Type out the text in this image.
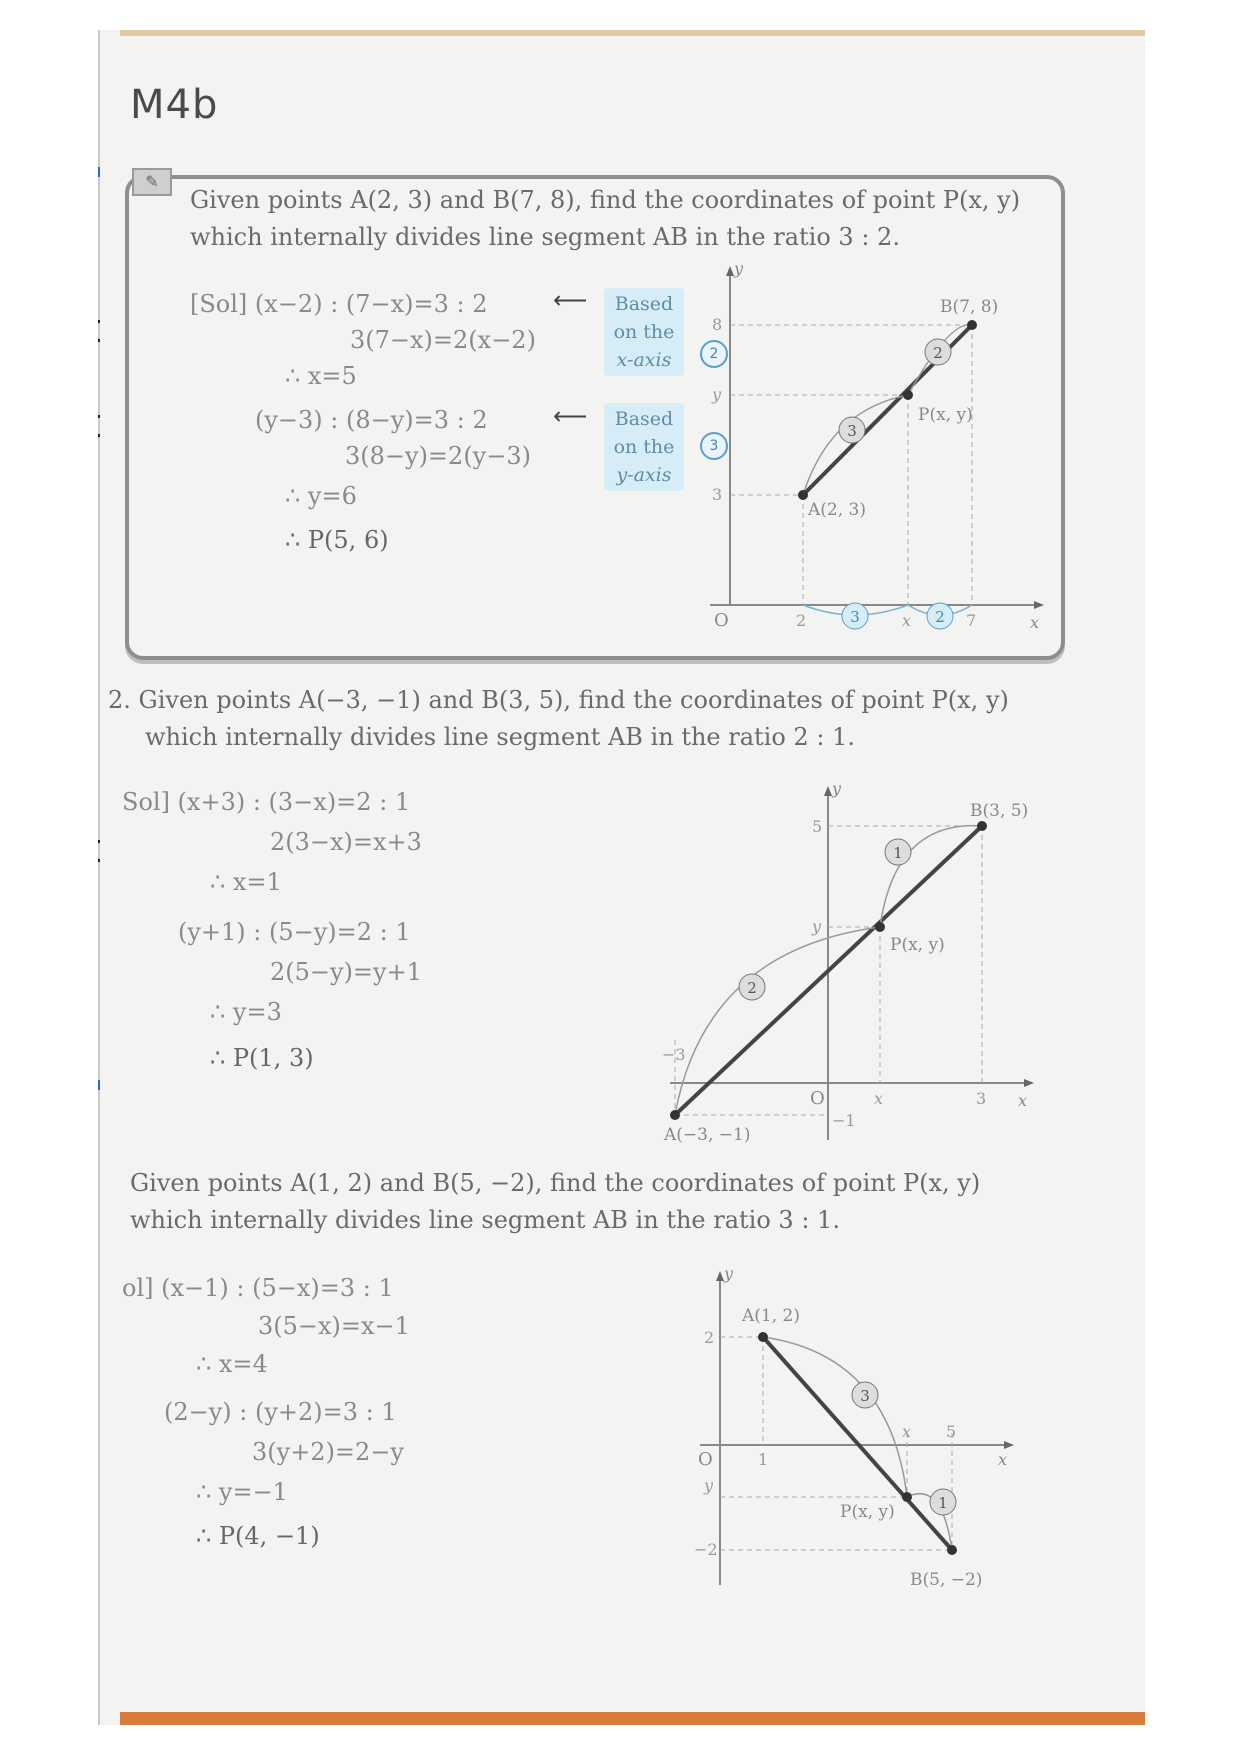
M4b
✎
Given points A(2, 3) and B(7, 8), find the coordinates of point P(x, y)
which internally divides line segment AB in the ratio 3 : 2.

[Sol] (x−2) : (7−x)=3 : 2

3(7−x)=2(x−2)

∴ x=5

(y−3) : (8−y)=3 : 2

3(8−y)=2(y−3)

∴ y=6

∴ P(5, 6)

⟵
⟵
Based
on the
x-axis
Based
on the
y-axis
2
3
3
2
3	2
y
x
O
8
y
3
2	x	7
A(2, 3)
B(7, 8)
P(x, y)
2. Given points A(−3, −1) and B(3, 5), find the coordinates of point P(x, y)
which internally divides line segment AB in the ratio 2 : 1.

Sol] (x+3) : (3−x)=2 : 1

2(3−x)=x+3

∴ x=1

(y+1) : (5−y)=2 : 1

2(5−y)=y+1

∴ y=3

∴ P(1, 3)

2
1
y
x
O
5
y
−1
−3
x	3
A(−3, −1)
B(3, 5)
P(x, y)
Given points A(1, 2) and B(5, −2), find the coordinates of point P(x, y)
which internally divides line segment AB in the ratio 3 : 1.

ol] (x−1) : (5−x)=3 : 1

3(5−x)=x−1

∴ x=4

(2−y) : (y+2)=3 : 1

3(y+2)=2−y

∴ y=−1

∴ P(4, −1)

3
1
y
x
O
2
y
−2
1
x 5
A(1, 2)
B(5, −2)
P(x, y)
